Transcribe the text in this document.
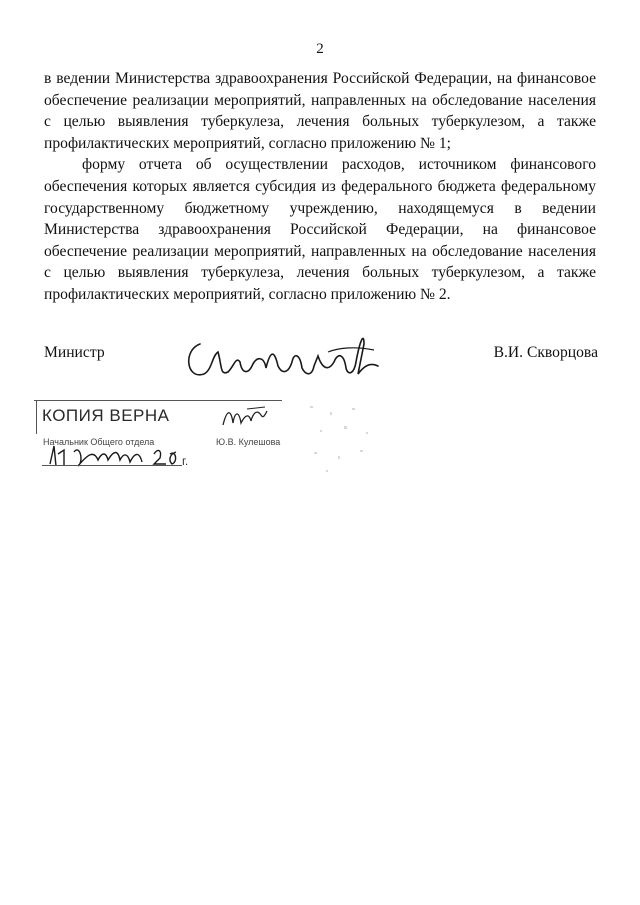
2

в ведении Министерства здравоохранения Российской Федерации, на финансовое обеспечение реализации мероприятий, направленных на обследование населения с целью выявления туберкулеза, лечения больных туберкулезом, а также профилактических мероприятий, согласно приложению № 1;

форму отчета об осуществлении расходов, источником финансового обеспечения которых является субсидия из федерального бюджета федеральному государственному бюджетному учреждению, находящемуся в ведении Министерства здравоохранения Российской Федерации, на финансовое обеспечение реализации мероприятий, направленных на обследование населения с целью выявления туберкулеза, лечения больных туберкулезом, а также профилактических мероприятий, согласно приложению № 2.

Министр	В.И. Скворцова
КОПИЯ ВЕРНА
Начальник Общего отдела	Ю.В. Кулешова
г.
